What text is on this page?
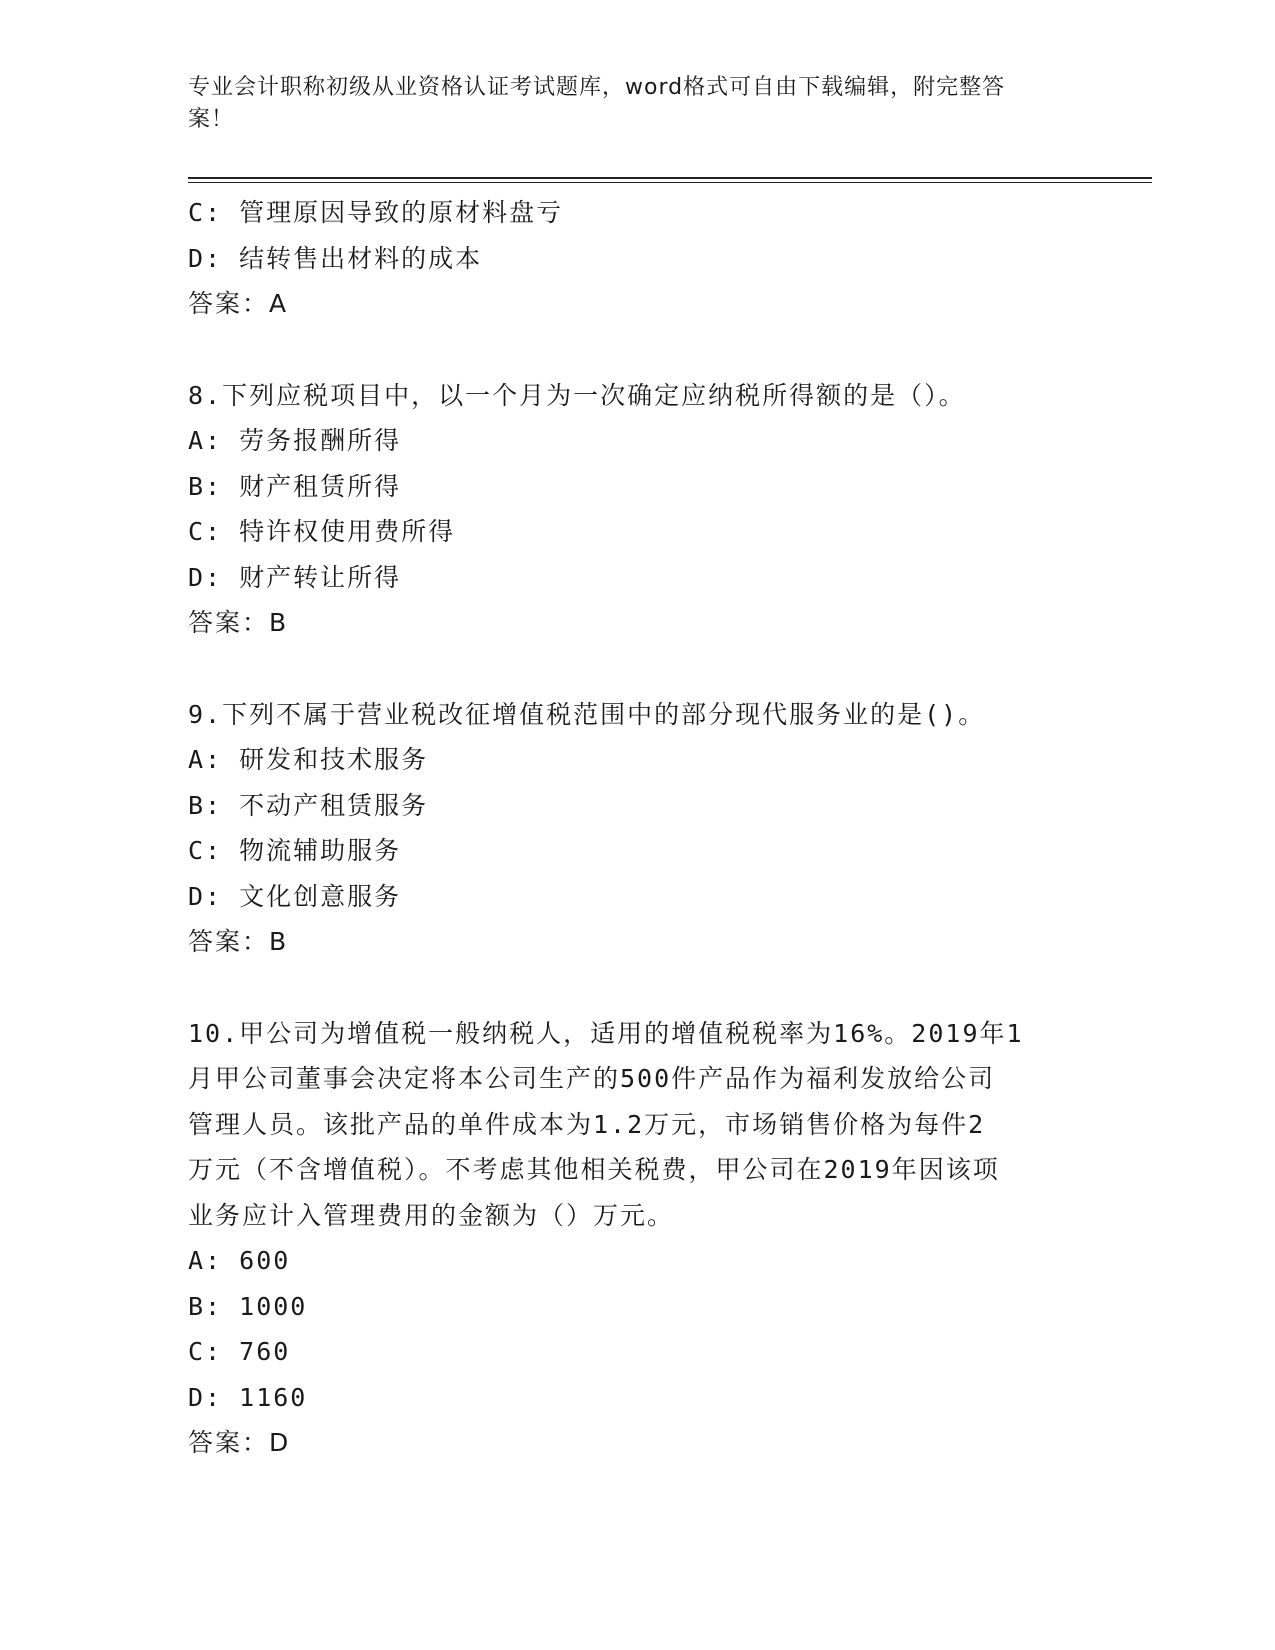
专业会计职称初级从业资格认证考试题库，word格式可自由下载编辑，附完整答
案！
C: 管理原因导致的原材料盘亏
D: 结转售出材料的成本
答案：A
8.下列应税项目中，以一个月为一次确定应纳税所得额的是（）。
A: 劳务报酬所得
B: 财产租赁所得
C: 特许权使用费所得
D: 财产转让所得
答案：B
9.下列不属于营业税改征增值税范围中的部分现代服务业的是()。
A: 研发和技术服务
B: 不动产租赁服务
C: 物流辅助服务
D: 文化创意服务
答案：B
10.甲公司为增值税一般纳税人，适用的增值税税率为16%。2019年1
月甲公司董事会决定将本公司生产的500件产品作为福利发放给公司
管理人员。该批产品的单件成本为1.2万元，市场销售价格为每件2
万元（不含增值税）。不考虑其他相关税费，甲公司在2019年因该项
业务应计入管理费用的金额为（）万元。
A: 600
B: 1000
C: 760
D: 1160
答案：D
